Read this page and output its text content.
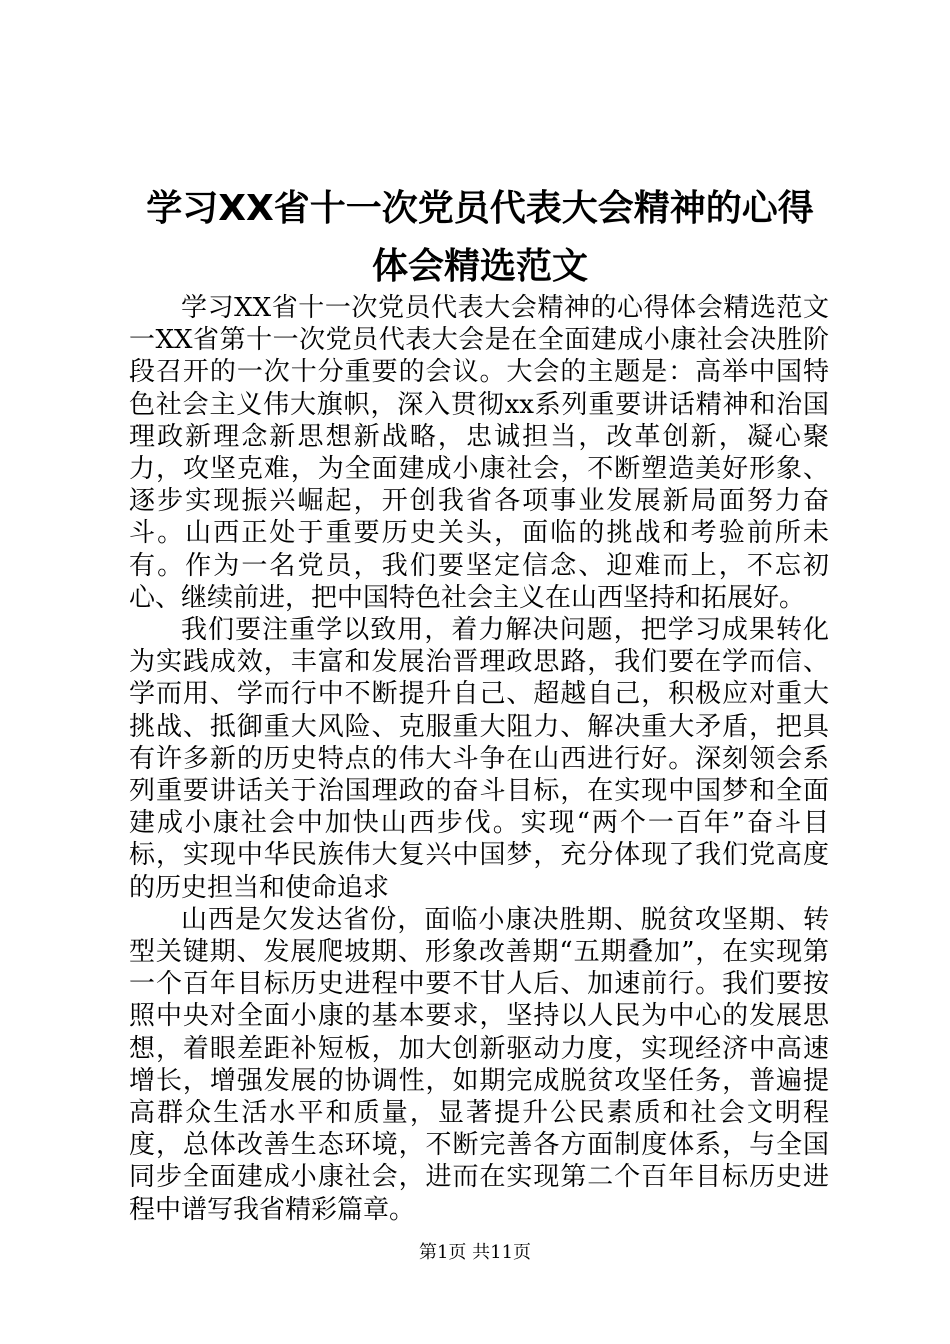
学习XX省十一次党员代表大会精神的心得体会精选范文

学习XX省十一次党员代表大会精神的心得体会精选范文一XX省第十一次党员代表大会是在全面建成小康社会决胜阶段召开的一次十分重要的会议。大会的主题是：高举中国特色社会主义伟大旗帜，深入贯彻xx系列重要讲话精神和治国理政新理念新思想新战略，忠诚担当，改革创新，凝心聚力，攻坚克难，为全面建成小康社会，不断塑造美好形象、逐步实现振兴崛起，开创我省各项事业发展新局面努力奋斗。山西正处于重要历史关头，面临的挑战和考验前所未有。作为一名党员，我们要坚定信念、迎难而上，不忘初心、继续前进，把中国特色社会主义在山西坚持和拓展好。

我们要注重学以致用，着力解决问题，把学习成果转化为实践成效，丰富和发展治晋理政思路，我们要在学而信、学而用、学而行中不断提升自己、超越自己，积极应对重大挑战、抵御重大风险、克服重大阻力、解决重大矛盾，把具有许多新的历史特点的伟大斗争在山西进行好。深刻领会系列重要讲话关于治国理政的奋斗目标，在实现中国梦和全面建成小康社会中加快山西步伐。实现“两个一百年”奋斗目标，实现中华民族伟大复兴中国梦，充分体现了我们党高度的历史担当和使命追求

山西是欠发达省份，面临小康决胜期、脱贫攻坚期、转型关键期、发展爬坡期、形象改善期“五期叠加”，在实现第一个百年目标历史进程中要不甘人后、加速前行。我们要按照中央对全面小康的基本要求，坚持以人民为中心的发展思想，着眼差距补短板，加大创新驱动力度，实现经济中高速增长，增强发展的协调性，如期完成脱贫攻坚任务，普遍提高群众生活水平和质量，显著提升公民素质和社会文明程度，总体改善生态环境，不断完善各方面制度体系，与全国同步全面建成小康社会，进而在实现第二个百年目标历史进程中谱写我省精彩篇章。

第1页 共11页
